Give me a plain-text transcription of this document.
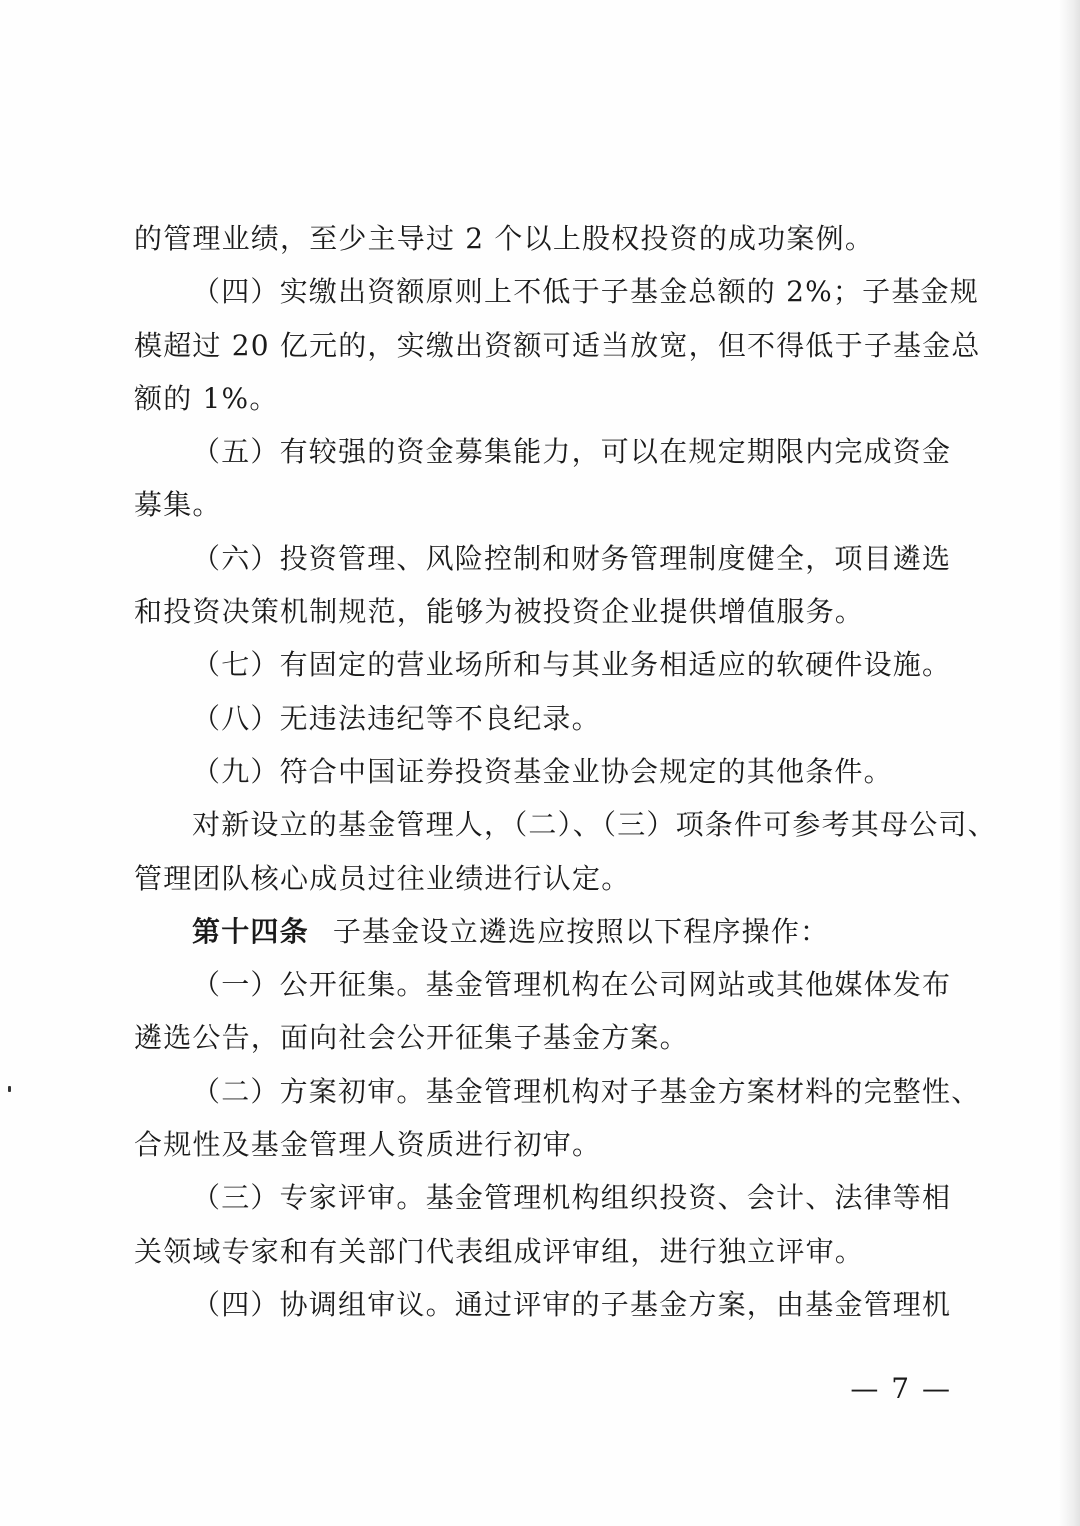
的管理业绩，至少主导过 2 个以上股权投资的成功案例。
（四）实缴出资额原则上不低于子基金总额的 2%；子基金规
模超过 20 亿元的，实缴出资额可适当放宽，但不得低于子基金总
额的 1%。
（五）有较强的资金募集能力，可以在规定期限内完成资金
募集。
（六）投资管理、风险控制和财务管理制度健全，项目遴选
和投资决策机制规范，能够为被投资企业提供增值服务。
（七）有固定的营业场所和与其业务相适应的软硬件设施。
（八）无违法违纪等不良纪录。
（九）符合中国证券投资基金业协会规定的其他条件。
对新设立的基金管理人，（二）、（三）项条件可参考其母公司、
管理团队核心成员过往业绩进行认定。
第十四条 子基金设立遴选应按照以下程序操作：
（一）公开征集。基金管理机构在公司网站或其他媒体发布
遴选公告，面向社会公开征集子基金方案。
（二）方案初审。基金管理机构对子基金方案材料的完整性、
合规性及基金管理人资质进行初审。
（三）专家评审。基金管理机构组织投资、会计、法律等相
关领域专家和有关部门代表组成评审组，进行独立评审。
（四）协调组审议。通过评审的子基金方案，由基金管理机
— 7 —
